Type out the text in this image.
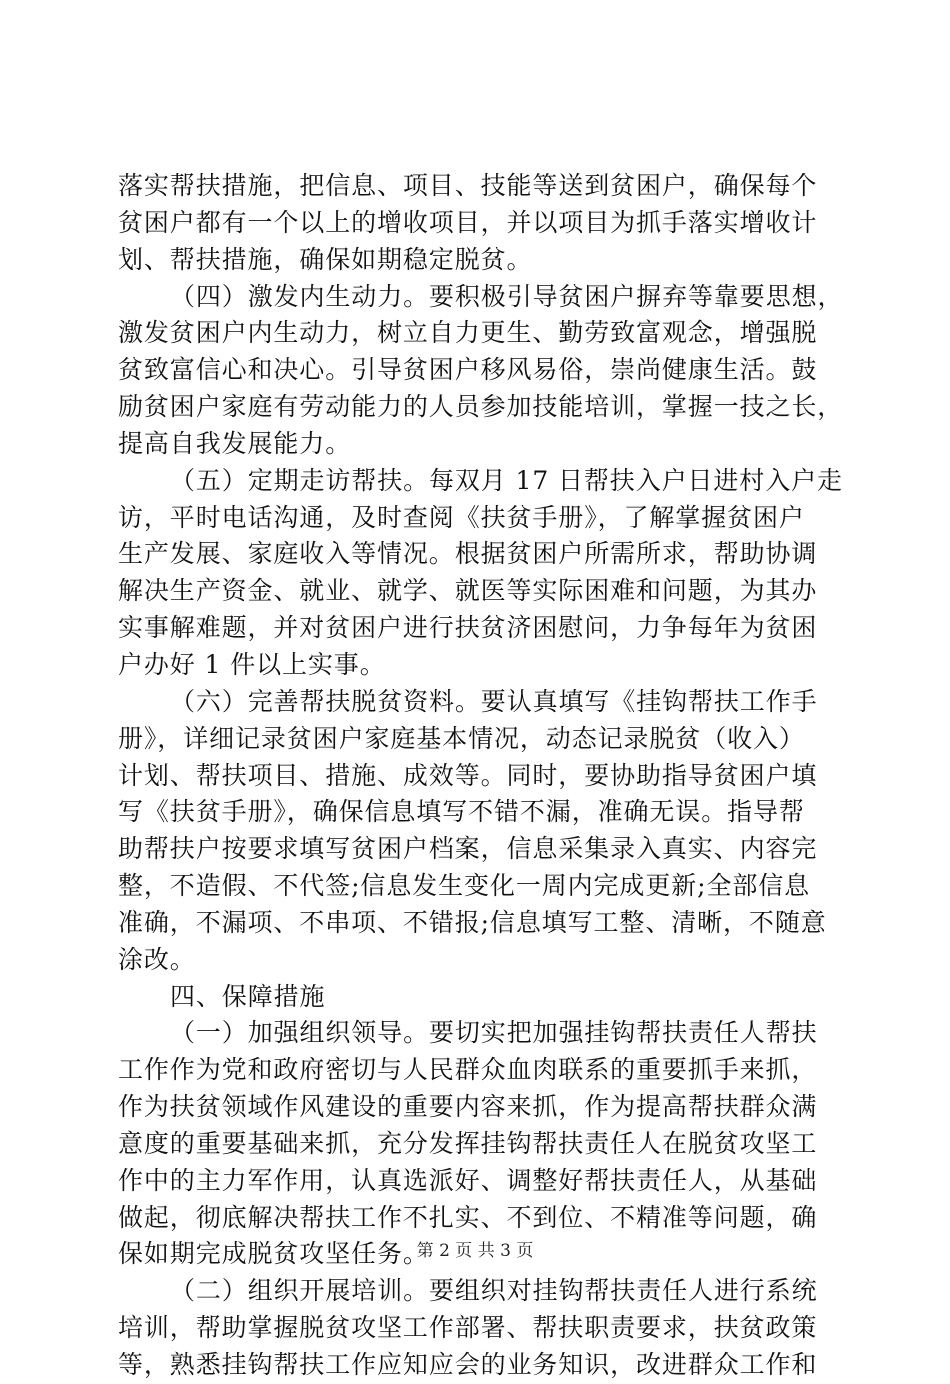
落实帮扶措施，把信息、项目、技能等送到贫困户，确保每个
贫困户都有一个以上的增收项目，并以项目为抓手落实增收计
划、帮扶措施，确保如期稳定脱贫。
（四）激发内生动力。要积极引导贫困户摒弃等靠要思想，
激发贫困户内生动力，树立自力更生、勤劳致富观念，增强脱
贫致富信心和决心。引导贫困户移风易俗，崇尚健康生活。鼓
励贫困户家庭有劳动能力的人员参加技能培训，掌握一技之长，
提高自我发展能力。
（五）定期走访帮扶。每双月 17 日帮扶入户日进村入户走
访，平时电话沟通，及时查阅《扶贫手册》，了解掌握贫困户
生产发展、家庭收入等情况。根据贫困户所需所求，帮助协调
解决生产资金、就业、就学、就医等实际困难和问题，为其办
实事解难题，并对贫困户进行扶贫济困慰问，力争每年为贫困
户办好 1 件以上实事。
（六）完善帮扶脱贫资料。要认真填写《挂钩帮扶工作手
册》，详细记录贫困户家庭基本情况，动态记录脱贫（收入）
计划、帮扶项目、措施、成效等。同时，要协助指导贫困户填
写《扶贫手册》，确保信息填写不错不漏，准确无误。指导帮
助帮扶户按要求填写贫困户档案，信息采集录入真实、内容完
整，不造假、不代签;信息发生变化一周内完成更新;全部信息
准确，不漏项、不串项、不错报;信息填写工整、清晰，不随意
涂改。
四、保障措施
（一）加强组织领导。要切实把加强挂钩帮扶责任人帮扶
工作作为党和政府密切与人民群众血肉联系的重要抓手来抓，
作为扶贫领域作风建设的重要内容来抓，作为提高帮扶群众满
意度的重要基础来抓，充分发挥挂钩帮扶责任人在脱贫攻坚工
作中的主力军作用，认真选派好、调整好帮扶责任人，从基础
做起，彻底解决帮扶工作不扎实、不到位、不精准等问题，确
保如期完成脱贫攻坚任务。
（二）组织开展培训。要组织对挂钩帮扶责任人进行系统
培训，帮助掌握脱贫攻坚工作部署、帮扶职责要求，扶贫政策
等，熟悉挂钩帮扶工作应知应会的业务知识，改进群众工作和
第 2 页 共 3 页
